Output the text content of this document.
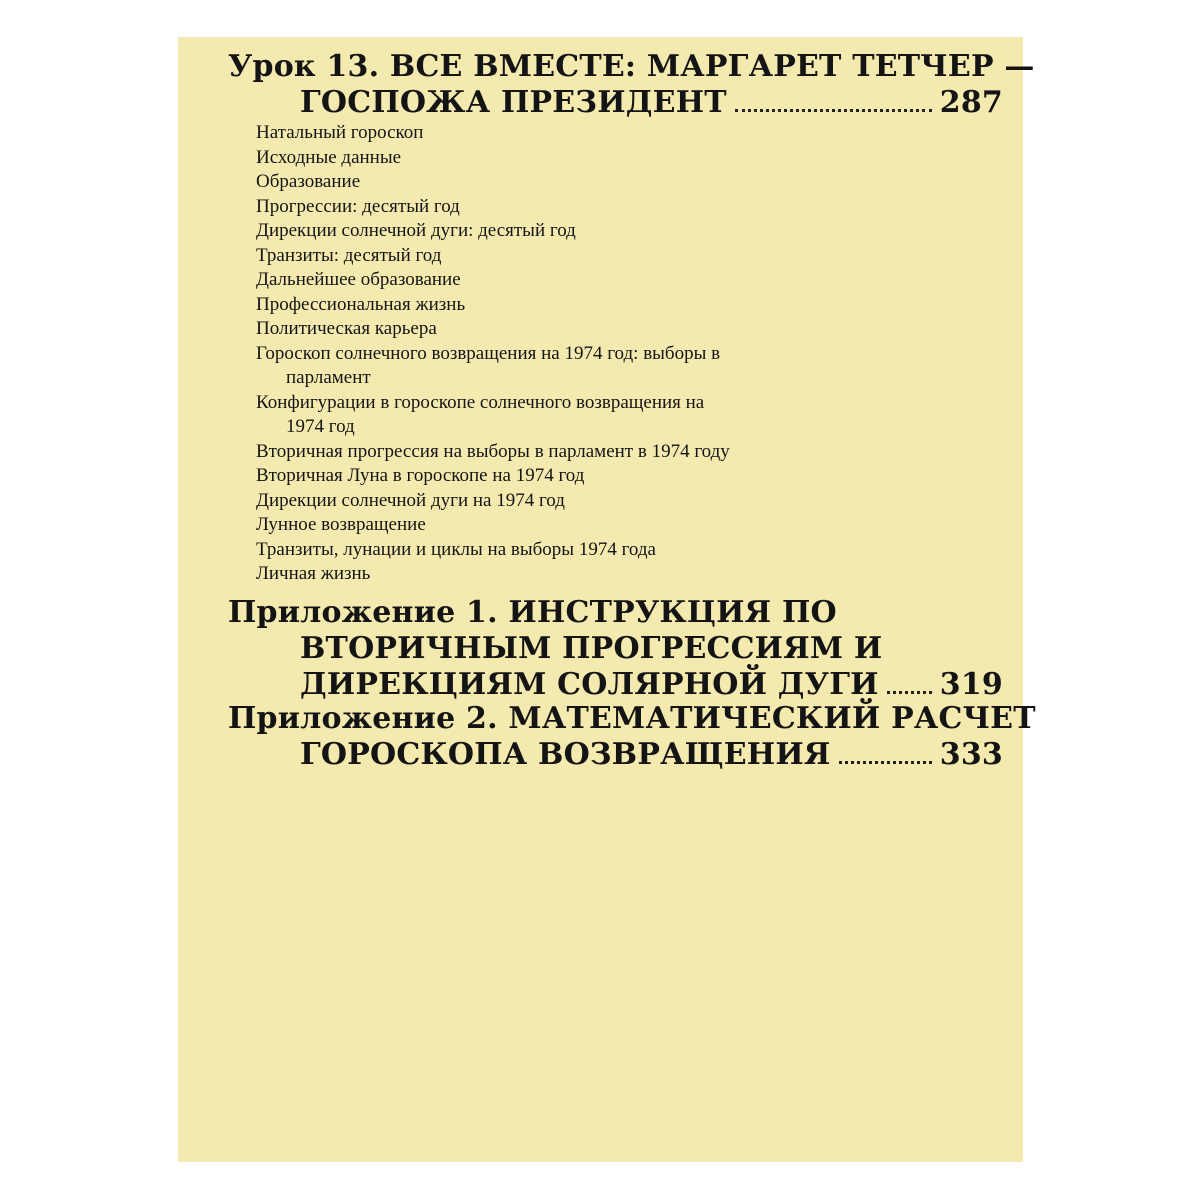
Урок 13. ВСЕ ВМЕСТЕ: МАРГАРЕТ ТЕТЧЕР —
ГОСПОЖА ПРЕЗИДЕНТ	287
Натальный гороскоп
Исходные данные
Образование
Прогрессии: десятый год
Дирекции солнечной дуги: десятый год
Транзиты: десятый год
Дальнейшее образование
Профессиональная жизнь
Политическая карьера
Гороскоп солнечного возвращения на 1974 год: выборы в
парламент
Конфигурации в гороскопе солнечного возвращения на
1974 год
Вторичная прогрессия на выборы в парламент в 1974 году
Вторичная Луна в гороскопе на 1974 год
Дирекции солнечной дуги на 1974 год
Лунное возвращение
Транзиты, лунации и циклы на выборы 1974 года
Личная жизнь
Приложение 1. ИНСТРУКЦИЯ ПО
ВТОРИЧНЫМ ПРОГРЕССИЯМ И
ДИРЕКЦИЯМ СОЛЯРНОЙ ДУГИ 319
Приложение 2. МАТЕМАТИЧЕСКИЙ РАСЧЕТ
ГОРОСКОПА ВОЗВРАЩЕНИЯ	333
